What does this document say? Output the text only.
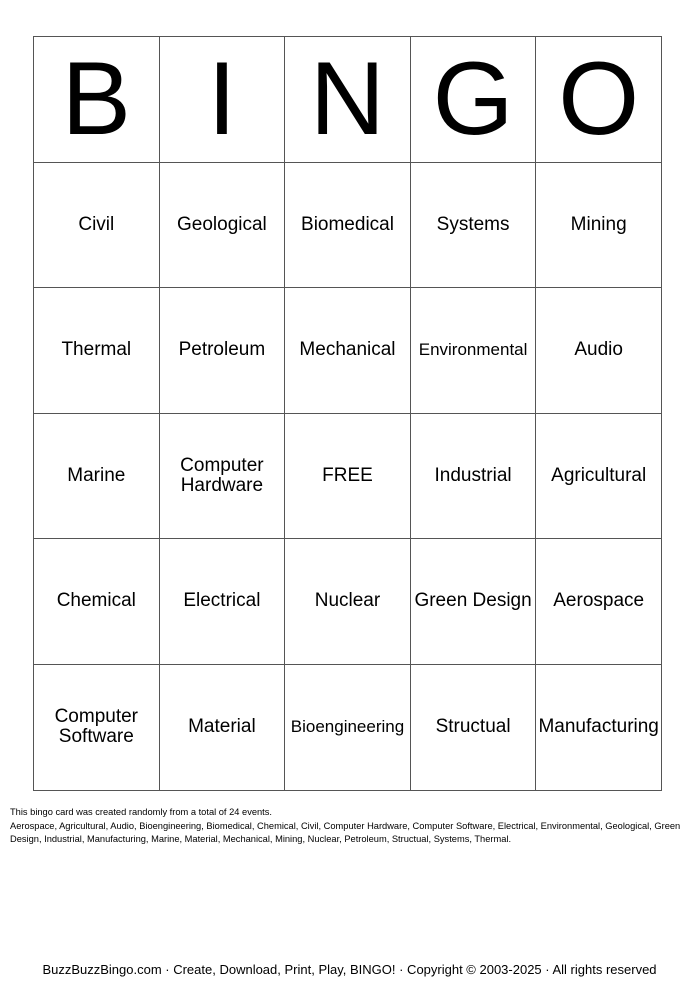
B	I	N	G	O
Civil	Geological	Biomedical	Systems	Mining
Thermal	Petroleum	Mechanical	Environmental	Audio
Marine	Computer Hardware	FREE	Industrial	Agricultural
Chemical	Electrical	Nuclear	Green Design	Aerospace
Computer Software	Material	Bioengineering	Structual	Manufacturing
This bingo card was created randomly from a total of 24 events.
Aerospace, Agricultural, Audio, Bioengineering, Biomedical, Chemical, Civil, Computer Hardware, Computer Software, Electrical, Environmental, Geological, Green Design, Industrial, Manufacturing, Marine, Material, Mechanical, Mining, Nuclear, Petroleum, Structual, Systems, Thermal.
BuzzBuzzBingo.com · Create, Download, Print, Play, BINGO! · Copyright © 2003-2025 · All rights reserved
